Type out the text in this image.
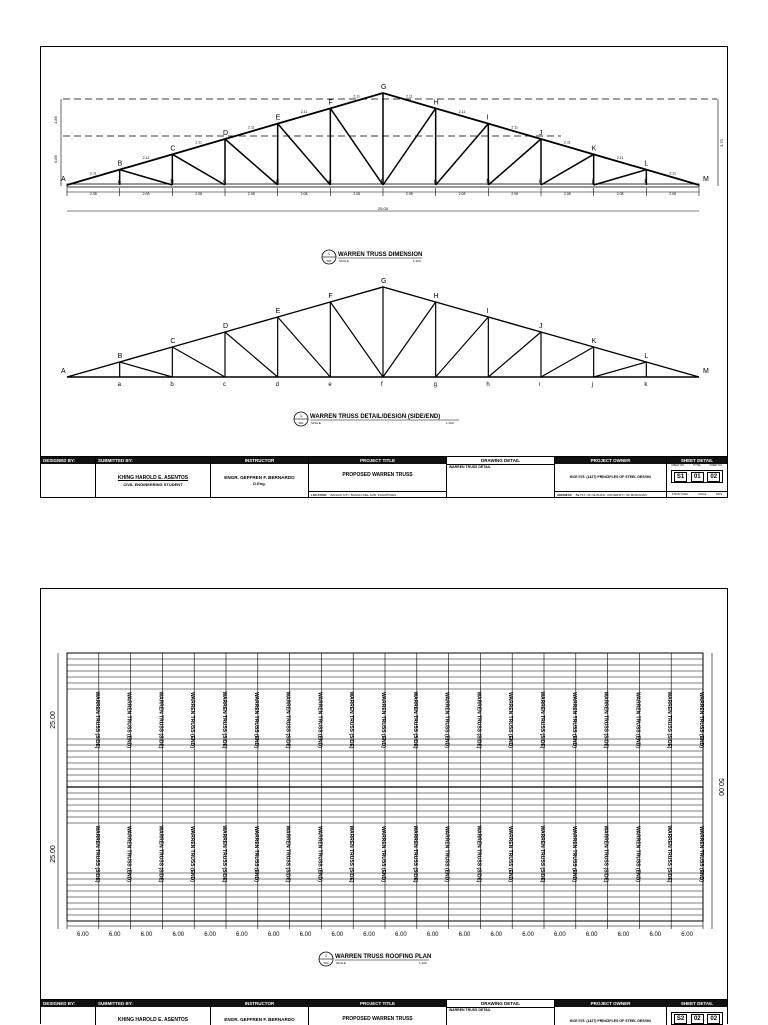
A
B
C
D
E
F
G
H
I
J
K
L
M
a	b	c	d	e	f	g	h	i	j	k
2.08	2.08	2.08	2.08	2.08	2.08	2.08	2.08	2.08	2.08	2.08	2.08
2.11
2.11
2.11
2.11
2.11
2.11	2.11
2.11
2.11
2.11
2.11
2.11
25.00
1.85
0.85
3.70
1
S01
WARREN TRUSS DIMENSION
SCALE	1:100
A
B
C
D
E
F
G
H
I
J
K
L
M
a	b	c	d	e	f	g	h	i	j	k
1
S01
WARREN TRUSS DETAIL/DESIGN (SIDE/END)
SCALE	1:100
DESIGNED BY:	SUBMITTED BY:
KHING HAROLD E. ASENTOS
CIVIL ENGINEERING STUDENT
INSTRUCTOR
ENGR. GEFFREN F. BERNARDO
D.Eng.
PROJECT TITLE
PROPOSED WARREN TRUSS
LOCATION BANGUI CITY, BANGUI DEL SUR, PHILIPPINES
DRAWING DETAIL
WARREN TRUSS DETAIL
PROJECT OWNER
BCE 575. (1427) PRINCIPLES OF STEEL DESIGN
ADDRESS BE IST. OF CE BUILD. UNIVERSITY OF MINDANAO
SHEET DETAIL
SHEET NO.	TOTAL	SHEET NO.
S1	01	02
STRUCTURAL	SCALE	DATE
WARREN TRUSS (SIDE)
WARREN TRUSS (SIDE)
WARREN TRUSS (END)
WARREN TRUSS (END)
WARREN TRUSS (SIDE)
WARREN TRUSS (SIDE)
WARREN TRUSS (END)
WARREN TRUSS (END)
WARREN TRUSS (SIDE)
WARREN TRUSS (SIDE)
WARREN TRUSS (END)
WARREN TRUSS (END)
WARREN TRUSS (SIDE)
WARREN TRUSS (SIDE)
WARREN TRUSS (END)
WARREN TRUSS (END)
WARREN TRUSS (SIDE)
WARREN TRUSS (SIDE)
WARREN TRUSS (END)
WARREN TRUSS (END)
WARREN TRUSS (SIDE)
WARREN TRUSS (SIDE)
WARREN TRUSS (END)
WARREN TRUSS (END)
WARREN TRUSS (SIDE)
WARREN TRUSS (SIDE)
WARREN TRUSS (END)
WARREN TRUSS (END)
WARREN TRUSS (SIDE)
WARREN TRUSS (SIDE)
WARREN TRUSS (END)
WARREN TRUSS (END)
WARREN TRUSS (SIDE)
WARREN TRUSS (SIDE)
WARREN TRUSS (END)
WARREN TRUSS (END)
WARREN TRUSS (SIDE)
WARREN TRUSS (SIDE)
WARREN TRUSS (END)
WARREN TRUSS (END)
6.00	6.00	6.00	6.00	6.00	6.00	6.00	6.00	6.00	6.00	6.00	6.00	6.00	6.00	6.00	6.00	6.00	6.00	6.00	6.00
25.00
25.00
50.00
1
S02
WARREN TRUSS ROOFING PLAN
SCALE	1:100
DESIGNED BY:	SUBMITTED BY:
KHING HAROLD E. ASENTOS
INSTRUCTOR
ENGR. GEFFREN F. BERNARDO
PROJECT TITLE
PROPOSED WARREN TRUSS
DRAWING DETAIL
WARREN TRUSS DETAIL
PROJECT OWNER
BCE 575. (1427) PRINCIPLES OF STEEL DESIGN
SHEET DETAIL
S2	02	02
